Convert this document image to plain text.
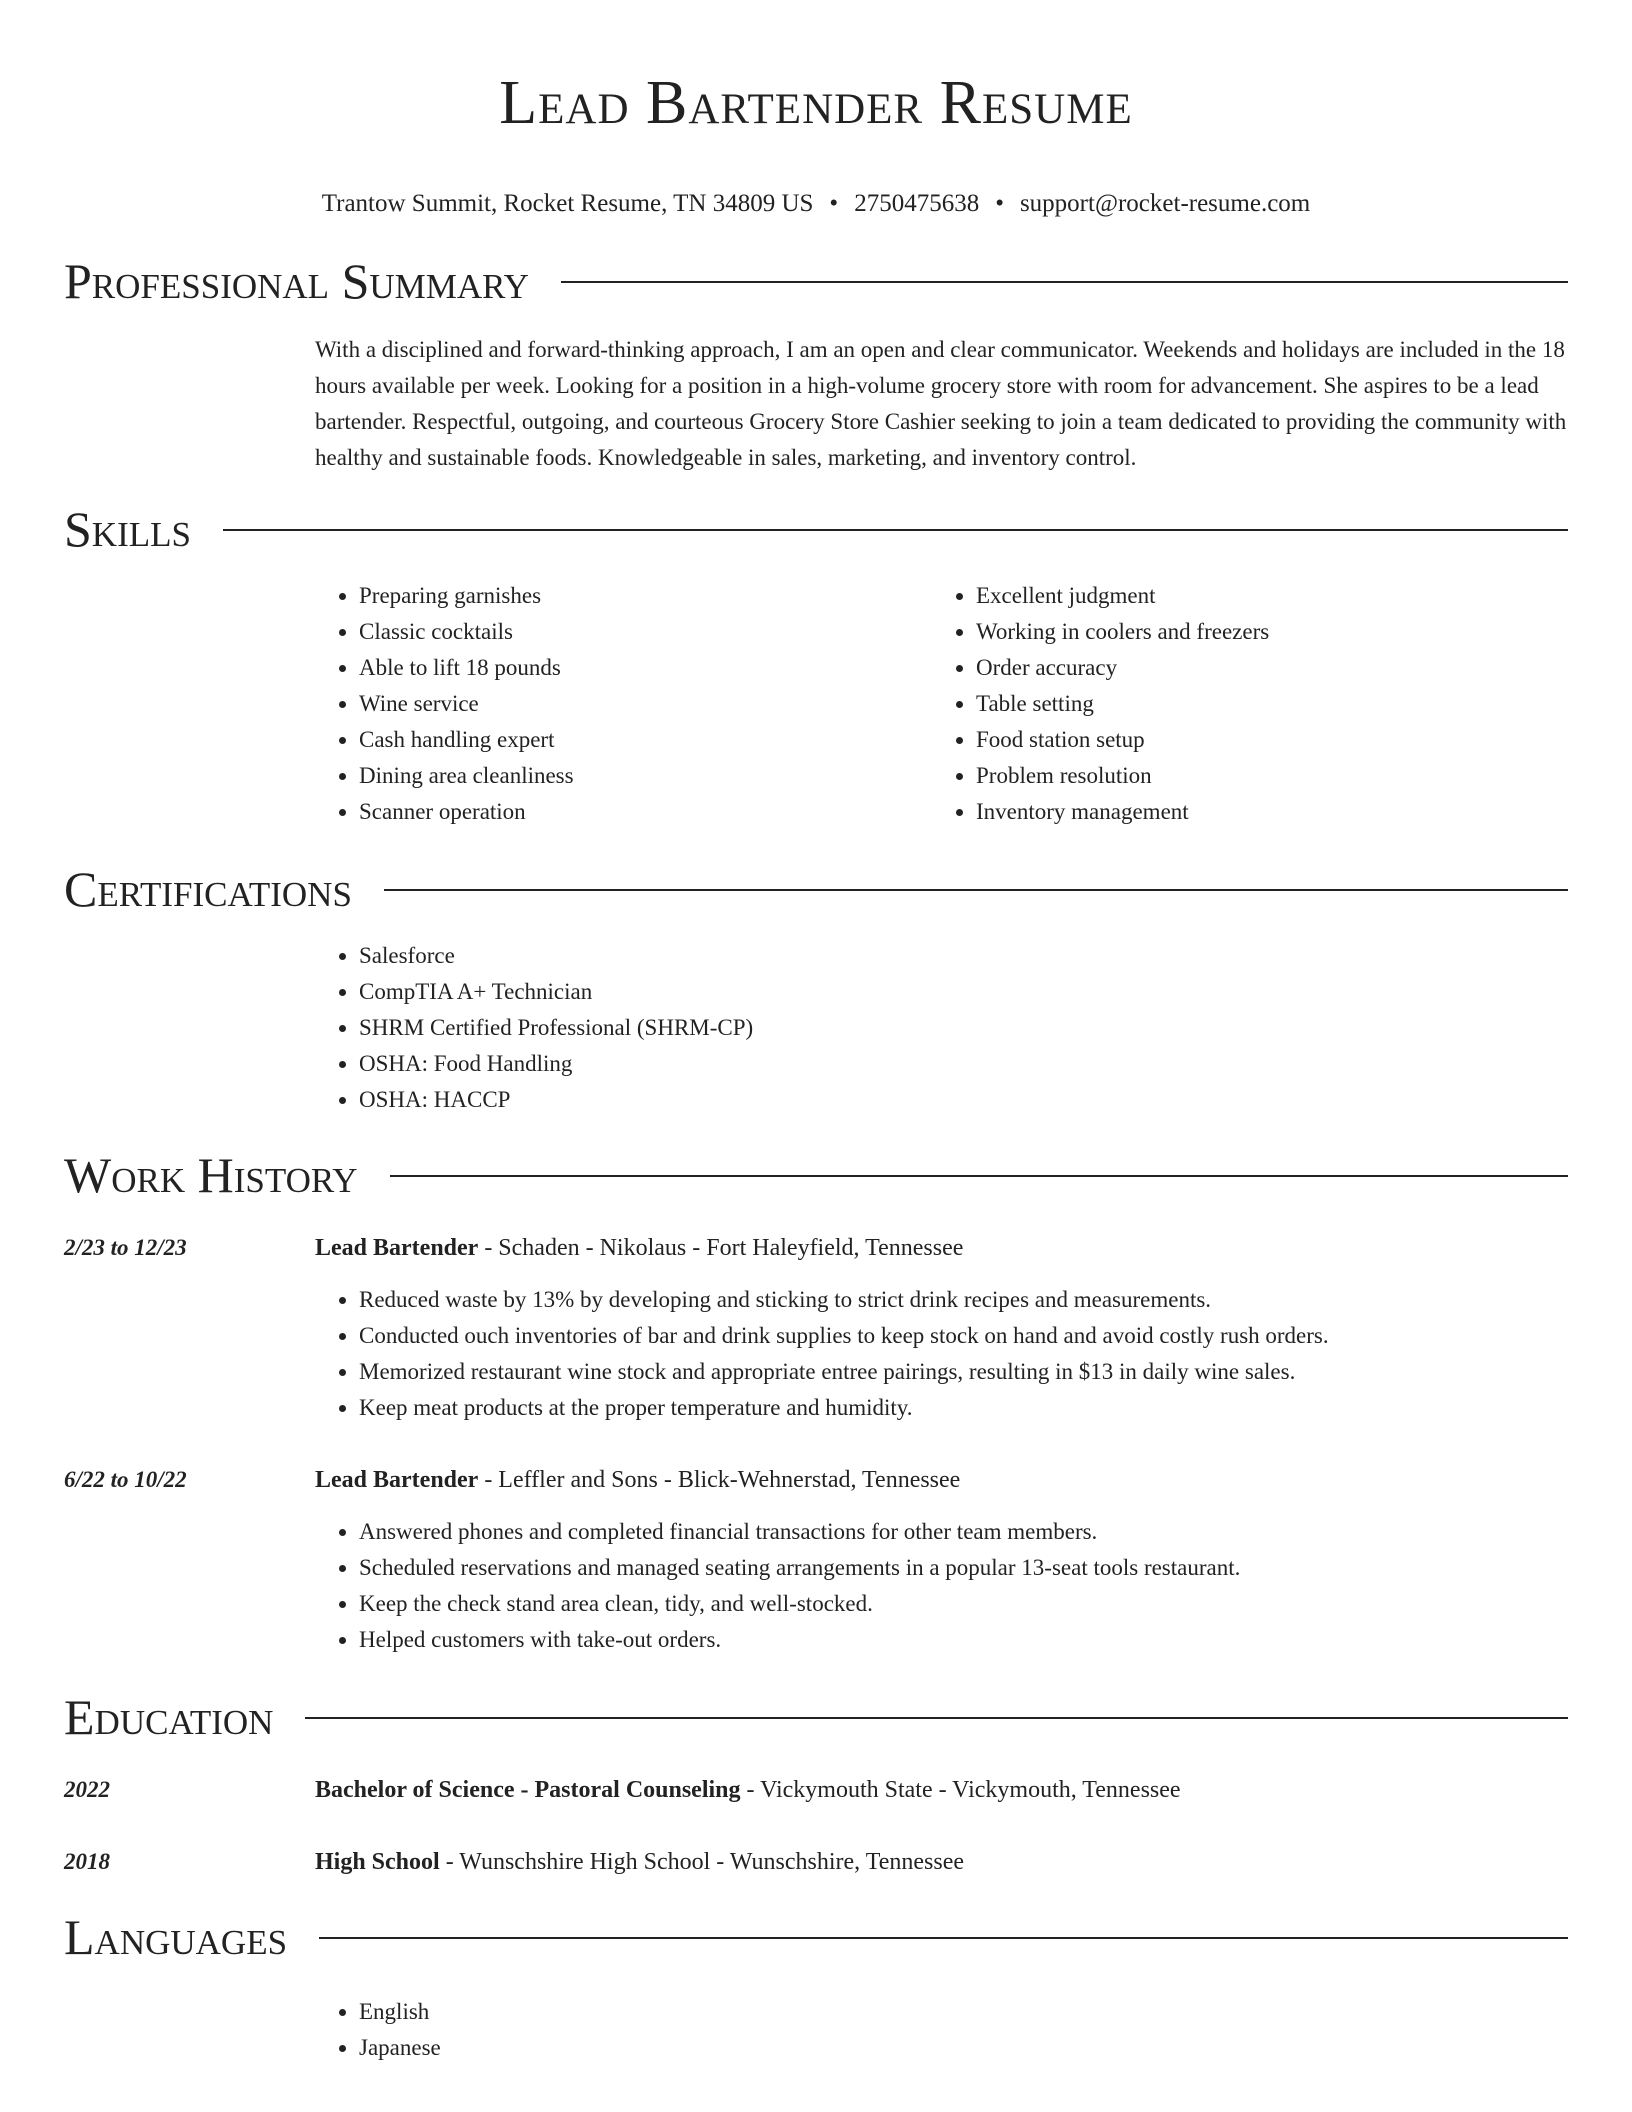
Lead Bartender Resume
Trantow Summit, Rocket Resume, TN 34809 US • 2750475638 • support@rocket-resume.com
Professional Summary
With a disciplined and forward-thinking approach, I am an open and clear communicator. Weekends and holidays are included in the 18 hours available per week. Looking for a position in a high-volume grocery store with room for advancement. She aspires to be a lead bartender. Respectful, outgoing, and courteous Grocery Store Cashier seeking to join a team dedicated to providing the community with healthy and sustainable foods. Knowledgeable in sales, marketing, and inventory control.
Skills
• Preparing garnishes
• Classic cocktails
• Able to lift 18 pounds
• Wine service
• Cash handling expert
• Dining area cleanliness
• Scanner operation
• Excellent judgment
• Working in coolers and freezers
• Order accuracy
• Table setting
• Food station setup
• Problem resolution
• Inventory management
Certifications
• Salesforce
• CompTIA A+ Technician
• SHRM Certified Professional (SHRM-CP)
• OSHA: Food Handling
• OSHA: HACCP
Work History
2/23 to 12/23	Lead Bartender - Schaden - Nikolaus - Fort Haleyfield, Tennessee
• Reduced waste by 13% by developing and sticking to strict drink recipes and measurements.
• Conducted ouch inventories of bar and drink supplies to keep stock on hand and avoid costly rush orders.
• Memorized restaurant wine stock and appropriate entree pairings, resulting in $13 in daily wine sales.
• Keep meat products at the proper temperature and humidity.
6/22 to 10/22	Lead Bartender - Leffler and Sons - Blick-Wehnerstad, Tennessee
• Answered phones and completed financial transactions for other team members.
• Scheduled reservations and managed seating arrangements in a popular 13-seat tools restaurant.
• Keep the check stand area clean, tidy, and well-stocked.
• Helped customers with take-out orders.
Education
2022	Bachelor of Science - Pastoral Counseling - Vickymouth State - Vickymouth, Tennessee
2018	High School - Wunschshire High School - Wunschshire, Tennessee
Languages
• English
• Japanese
